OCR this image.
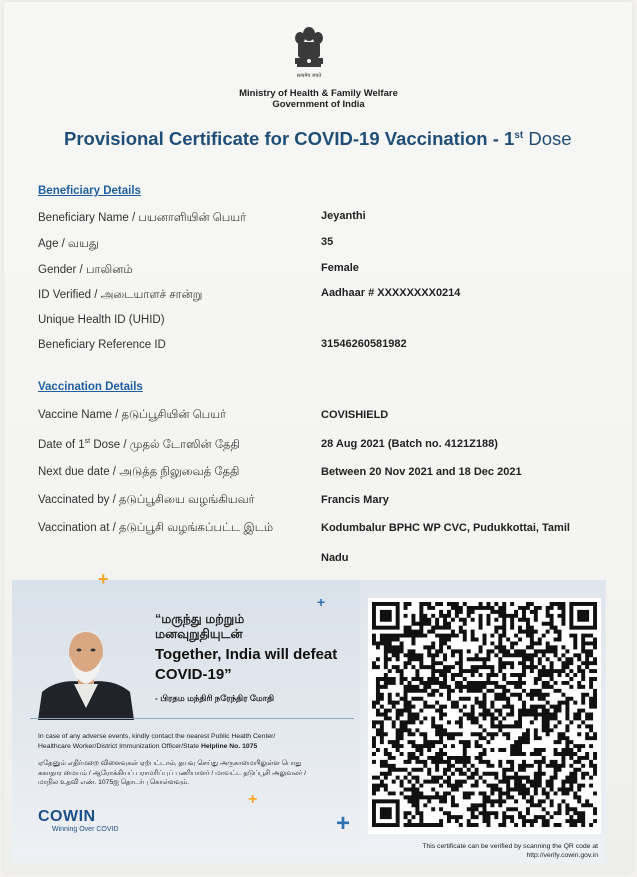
सत्यमेव जयते
Ministry of Health & Family Welfare
Government of India
Provisional Certificate for COVID-19 Vaccination - 1st Dose
Beneficiary Details
Beneficiary Name / பயனாளியின் பெயர்	Jeyanthi
Age / வயது	35
Gender / பாலினம்	Female
ID Verified / அடையாளச் சான்று	Aadhaar # XXXXXXXX0214
Unique Health ID (UHID)
Beneficiary Reference ID	31546260581982
Vaccination Details
Vaccine Name / தடுப்பூசியின் பெயர்	COVISHIELD
Date of 1st Dose / முதல் டோஸின் தேதி	28 Aug 2021 (Batch no. 4121Z188)
Next due date / அடுத்த நிலுவைத் தேதி	Between 20 Nov 2021 and 18 Dec 2021
Vaccinated by / தடுப்பூசியை வழங்கியவர்	Francis Mary
Vaccination at / தடுப்பூசி வழங்கப்பட்ட இடம்	Kodumbalur BPHC WP CVC, Pudukkottai, Tamil
Nadu
+
+
+
+
“மருந்து மற்றும்
மனவுறுதியுடன்
Together, India will defeat
COVID-19”
- பிரதம மந்திரி நரேந்திர மோதி
In case of any adverse events, kindly contact the nearest Public Health Center/
Healthcare Worker/District Immunization Officer/State Helpline No. 1075
ஏதேனும் எதிர்மறை விளைவுகள் ஏற்பட்டால், தயவு செய்து அருகாமையிலுள்ள பொது
சுகாதார மையம் / ஆரோக்கியப் பராமரிப்புப் பணியாளர் / மாவட்ட தடுப்பூசி அலுவலர் /
மாநில உதவி எண். 1075ஐ தொடர்பு கொள்ளவும்.
COWIN
Winning Over COVID
This certificate can be verified by scanning the QR code at
http://verify.cowin.gov.in
